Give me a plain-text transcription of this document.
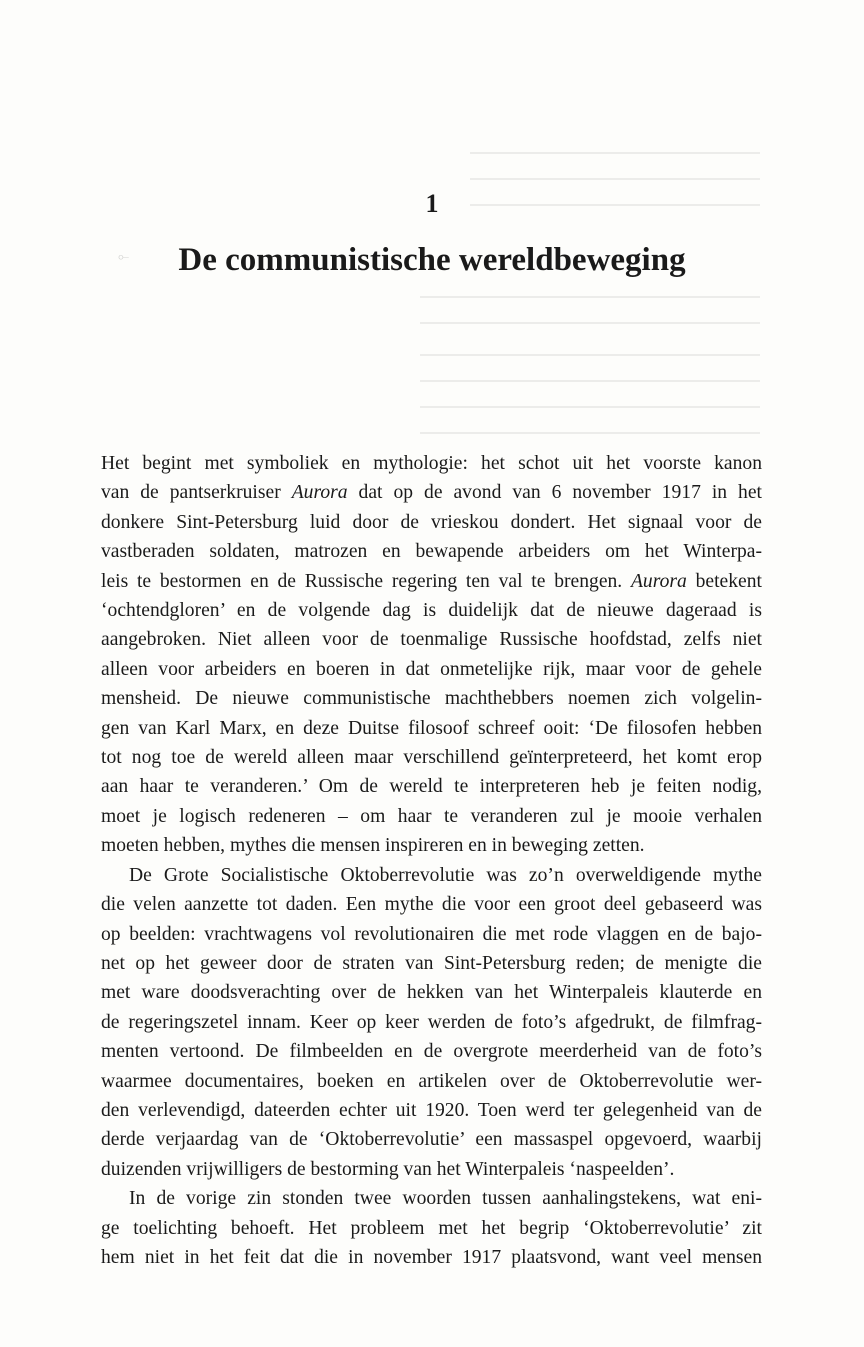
⟜
1
De communistische wereldbeweging

Het begint met symboliek en mythologie: het schot uit het voorste kanon
van de pantserkruiser Aurora dat op de avond van 6 november 1917 in het
donkere Sint-Petersburg luid door de vrieskou dondert. Het signaal voor de
vastberaden soldaten, matrozen en bewapende arbeiders om het Winterpa-
leis te bestormen en de Russische regering ten val te brengen. Aurora betekent
‘ochtendgloren’ en de volgende dag is duidelijk dat de nieuwe dageraad is
aangebroken. Niet alleen voor de toenmalige Russische hoofdstad, zelfs niet
alleen voor arbeiders en boeren in dat onmetelijke rijk, maar voor de gehele
mensheid. De nieuwe communistische machthebbers noemen zich volgelin-
gen van Karl Marx, en deze Duitse filosoof schreef ooit: ‘De filosofen hebben
tot nog toe de wereld alleen maar verschillend geïnterpreteerd, het komt erop
aan haar te veranderen.’ Om de wereld te interpreteren heb je feiten nodig,
moet je logisch redeneren – om haar te veranderen zul je mooie verhalen
moeten hebben, mythes die mensen inspireren en in beweging zetten.

De Grote Socialistische Oktoberrevolutie was zo’n overweldigende mythe
die velen aanzette tot daden. Een mythe die voor een groot deel gebaseerd was
op beelden: vrachtwagens vol revolutionairen die met rode vlaggen en de bajo-
net op het geweer door de straten van Sint-Petersburg reden; de menigte die
met ware doodsverachting over de hekken van het Winterpaleis klauterde en
de regeringszetel innam. Keer op keer werden de foto’s afgedrukt, de filmfrag-
menten vertoond. De filmbeelden en de overgrote meerderheid van de foto’s
waarmee documentaires, boeken en artikelen over de Oktoberrevolutie wer-
den verlevendigd, dateerden echter uit 1920. Toen werd ter gelegenheid van de
derde verjaardag van de ‘Oktoberrevolutie’ een massaspel opgevoerd, waarbij
duizenden vrijwilligers de bestorming van het Winterpaleis ‘naspeelden’.

In de vorige zin stonden twee woorden tussen aanhalingstekens, wat eni-
ge toelichting behoeft. Het probleem met het begrip ‘Oktoberrevolutie’ zit
hem niet in het feit dat die in november 1917 plaatsvond, want veel mensen
